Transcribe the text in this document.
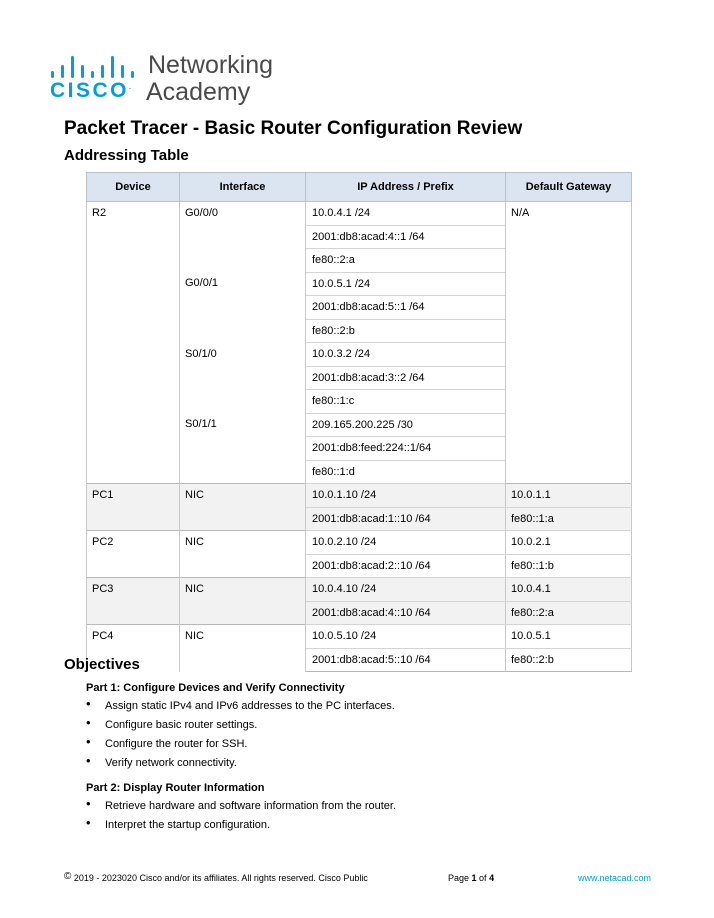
CISCO.
Networking
Academy
Packet Tracer - Basic Router Configuration Review
Addressing Table
Device	Interface	IP Address / Prefix	Default Gateway
R2	G0/0/0	10.0.4.1 /24	N/A
		2001:db8:acad:4::1 /64	
		fe80::2:a	
	G0/0/1	10.0.5.1 /24	
		2001:db8:acad:5::1 /64	
		fe80::2:b	
	S0/1/0	10.0.3.2 /24	
		2001:db8:acad:3::2 /64	
		fe80::1:c	
	S0/1/1	209.165.200.225 /30	
		2001:db8:feed:224::1/64	
		fe80::1:d	
PC1	NIC	10.0.1.10 /24	10.0.1.1
		2001:db8:acad:1::10 /64	fe80::1:a
PC2	NIC	10.0.2.10 /24	10.0.2.1
		2001:db8:acad:2::10 /64	fe80::1:b
PC3	NIC	10.0.4.10 /24	10.0.4.1
		2001:db8:acad:4::10 /64	fe80::2:a
PC4	NIC	10.0.5.10 /24	10.0.5.1
		2001:db8:acad:5::10 /64	fe80::2:b
Objectives
Part 1: Configure Devices and Verify Connectivity
• Assign static IPv4 and IPv6 addresses to the PC interfaces.
• Configure basic router settings.
• Configure the router for SSH.
• Verify network connectivity.
Part 2: Display Router Information
• Retrieve hardware and software information from the router.
• Interpret the startup configuration.
© 2019 - 2023020 Cisco and/or its affiliates. All rights reserved. Cisco Public	Page 1 of 4	www.netacad.com
